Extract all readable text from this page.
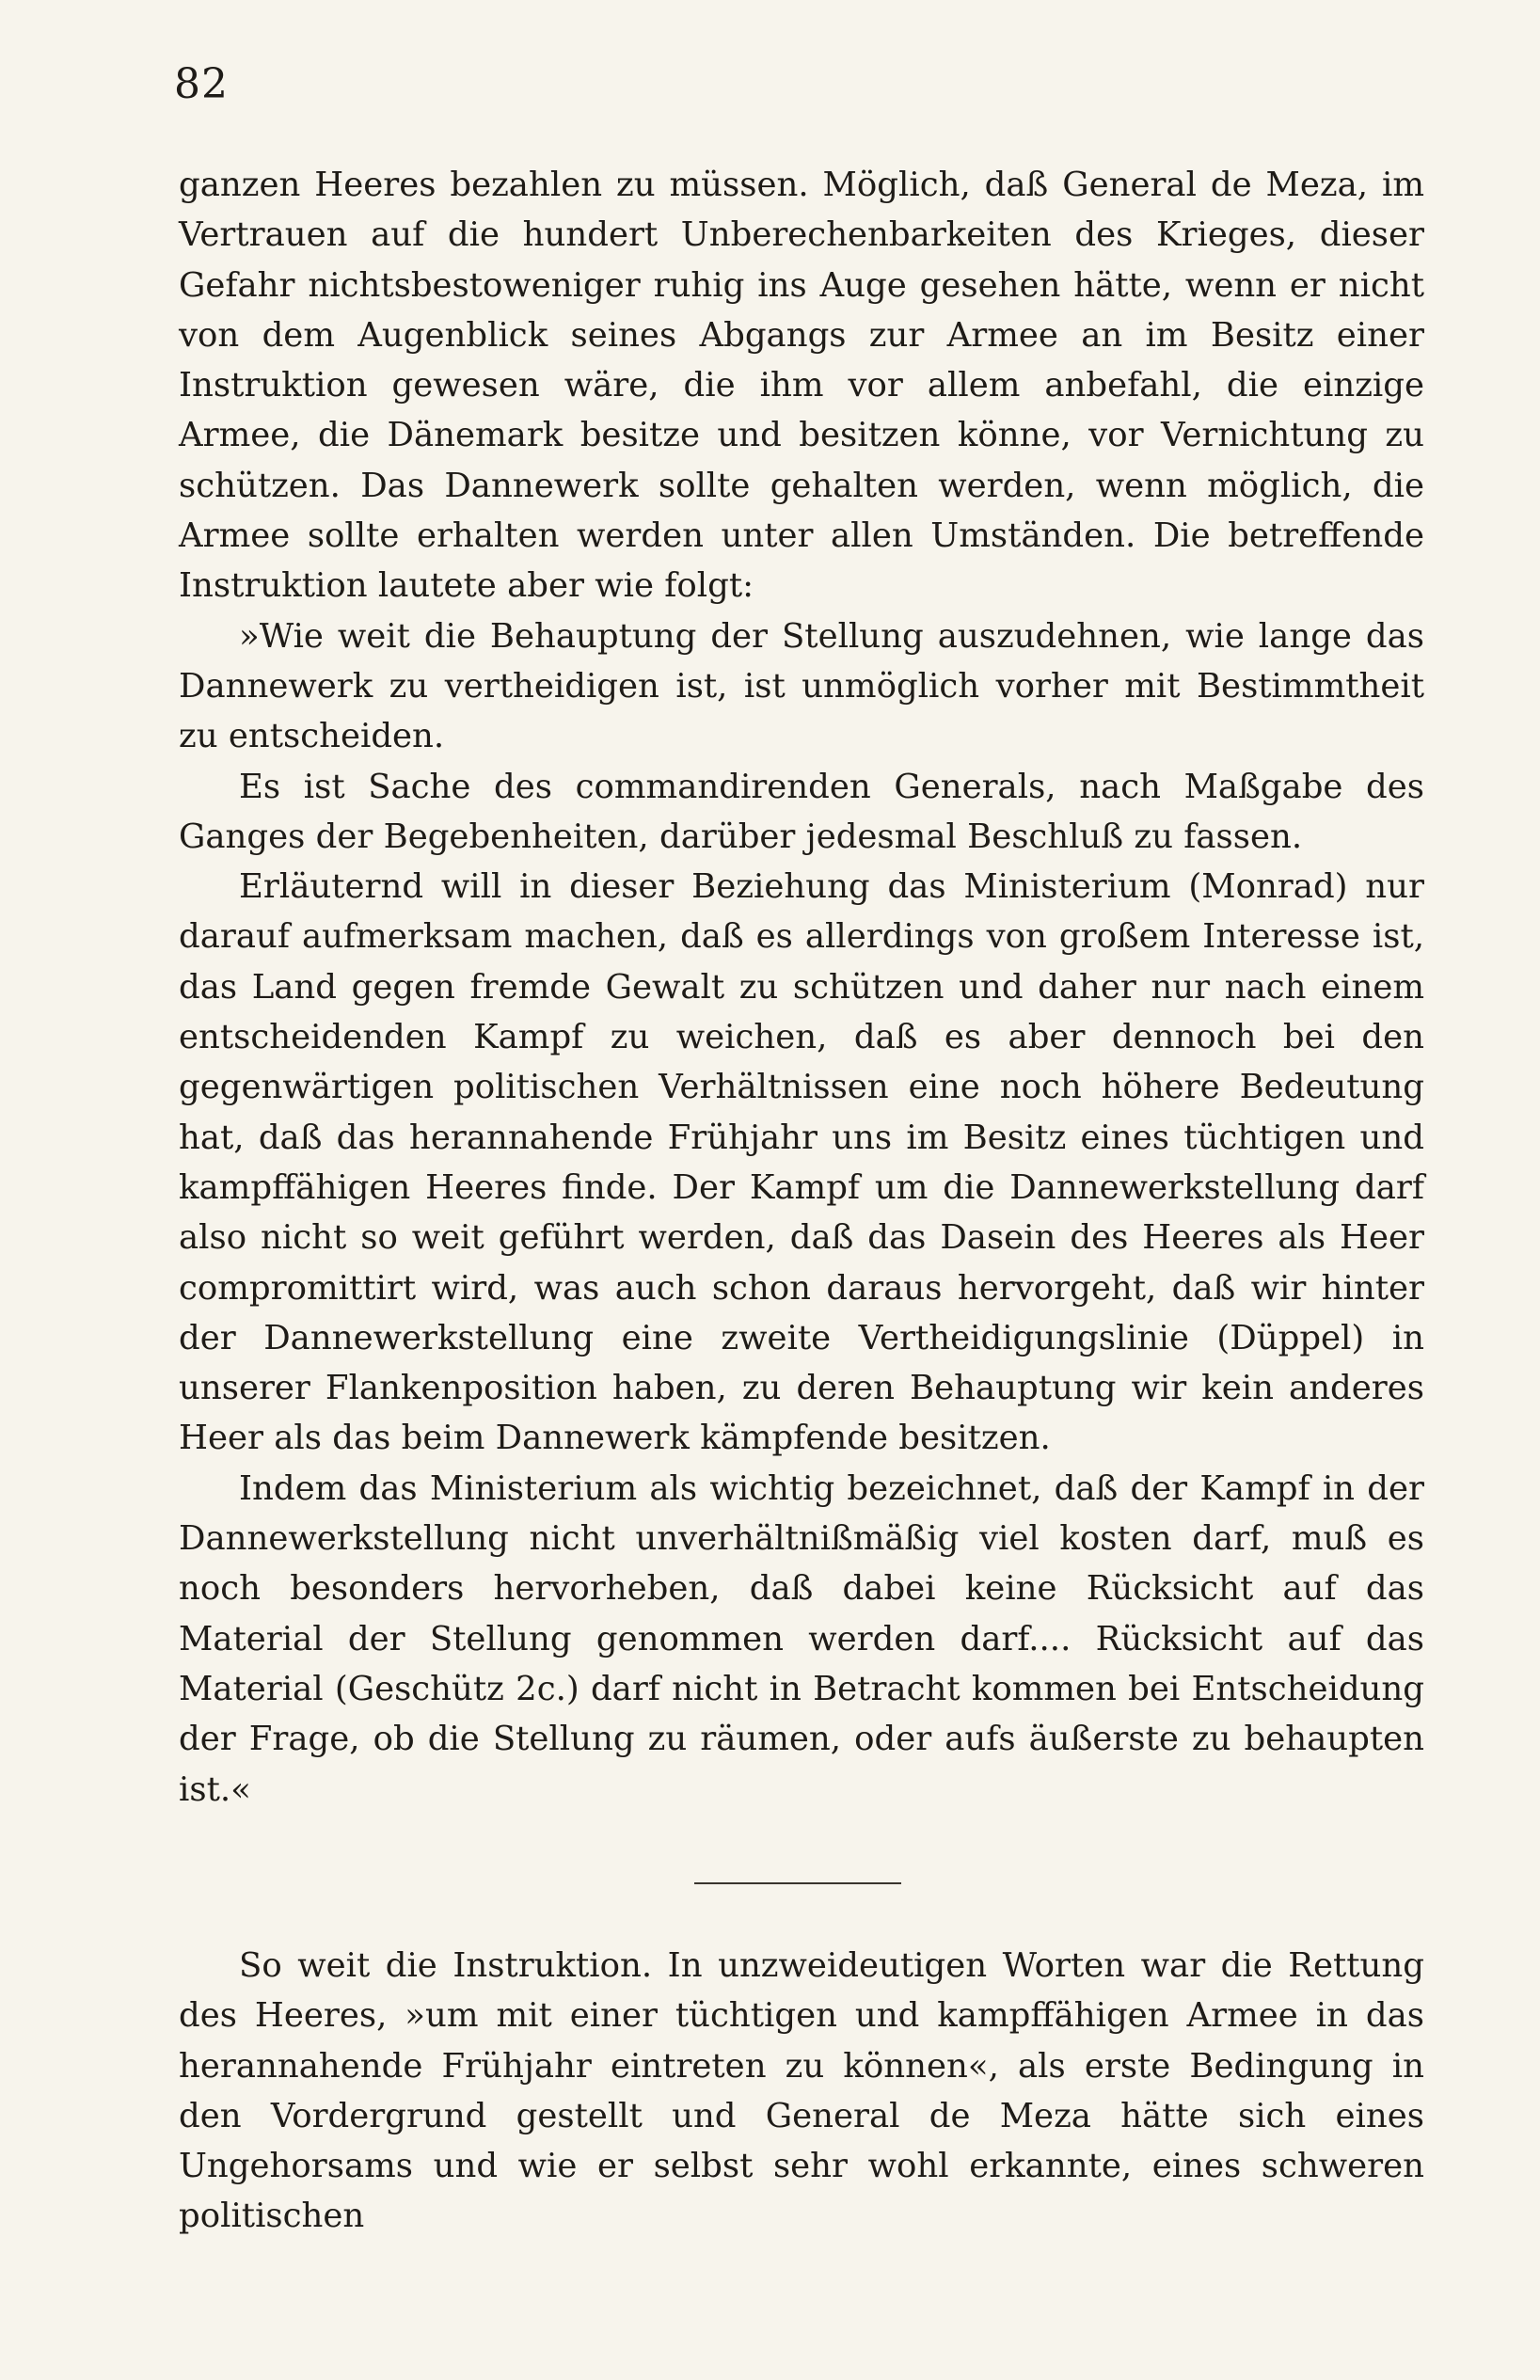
82

ganzen Heeres bezahlen zu müssen. Möglich, daß General de Meza, im Vertrauen auf die hundert Unberechenbarkeiten des Krieges, dieser Gefahr nichtsbestoweniger ruhig ins Auge gesehen hätte, wenn er nicht von dem Augenblick seines Abgangs zur Armee an im Besitz einer Instruktion gewesen wäre, die ihm vor allem anbefahl, die einzige Armee, die Dänemark besitze und besitzen könne, vor Vernichtung zu schützen. Das Dannewerk sollte gehalten werden, wenn möglich, die Armee sollte erhalten werden unter allen Umständen. Die betreffende Instruktion lautete aber wie folgt:

»Wie weit die Behauptung der Stellung auszudehnen, wie lange das Dannewerk zu vertheidigen ist, ist unmöglich vorher mit Bestimmtheit zu entscheiden.

Es ist Sache des commandirenden Generals, nach Maßgabe des Ganges der Begebenheiten, darüber jedesmal Beschluß zu fassen.

Erläuternd will in dieser Beziehung das Ministerium (Monrad) nur darauf aufmerksam machen, daß es allerdings von großem Interesse ist, das Land gegen fremde Gewalt zu schützen und daher nur nach einem entscheidenden Kampf zu weichen, daß es aber dennoch bei den gegenwärtigen politischen Verhältnissen eine noch höhere Bedeutung hat, daß das herannahende Frühjahr uns im Besitz eines tüchtigen und kampffähigen Heeres finde. Der Kampf um die Dannewerkstellung darf also nicht so weit geführt werden, daß das Dasein des Heeres als Heer compromittirt wird, was auch schon daraus hervorgeht, daß wir hinter der Dannewerkstellung eine zweite Vertheidigungslinie (Düppel) in unserer Flankenposition haben, zu deren Behauptung wir kein anderes Heer als das beim Dannewerk kämpfende besitzen.

Indem das Ministerium als wichtig bezeichnet, daß der Kampf in der Dannewerkstellung nicht unverhältnißmäßig viel kosten darf, muß es noch besonders hervorheben, daß dabei keine Rücksicht auf das Material der Stellung genommen werden darf.... Rücksicht auf das Material (Geschütz 2c.) darf nicht in Betracht kommen bei Entscheidung der Frage, ob die Stellung zu räumen, oder aufs äußerste zu behaupten ist.«

So weit die Instruktion. In unzweideutigen Worten war die Rettung des Heeres, »um mit einer tüchtigen und kampffähigen Armee in das herannahende Frühjahr eintreten zu können«, als erste Bedingung in den Vordergrund gestellt und General de Meza hätte sich eines Ungehorsams und wie er selbst sehr wohl erkannte, eines schweren politischen
